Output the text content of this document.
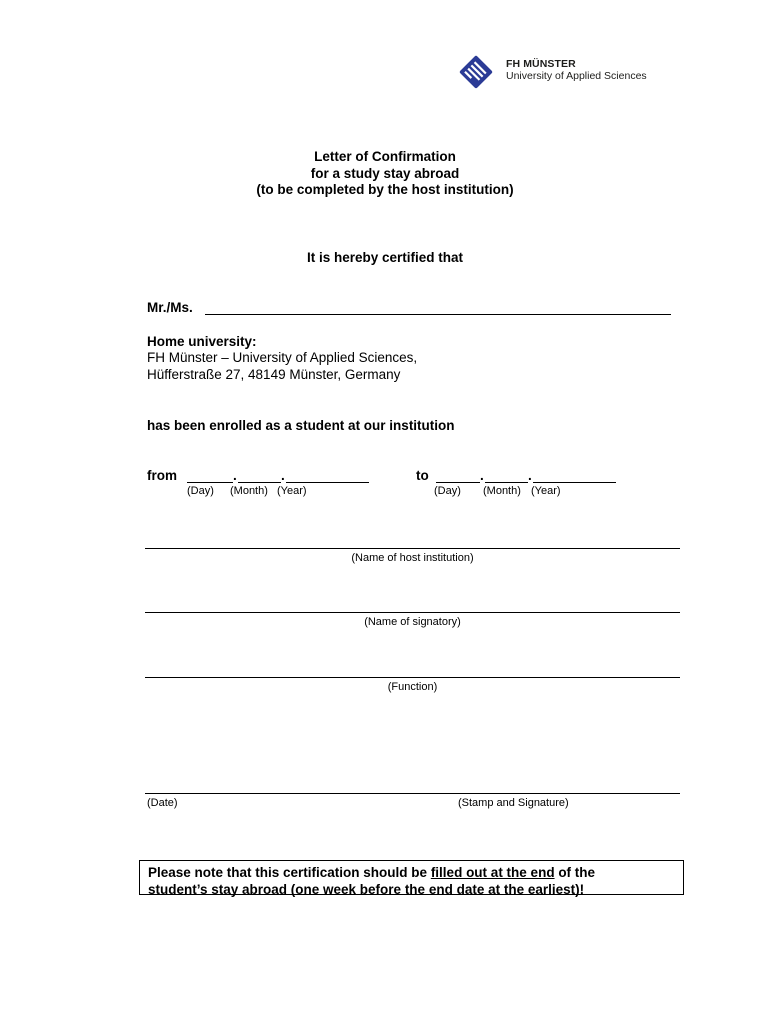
FH MÜNSTER
University of Applied Sciences
Letter of Confirmation
for a study stay abroad
(to be completed by the host institution)
It is hereby certified that
Mr./Ms.
Home university:
FH Münster – University of Applied Sciences,
Hüfferstraße 27, 48149 Münster, Germany
has been enrolled as a student at our institution
from	.	.
(Day) (Month) (Year)
to	.	.
(Day) (Month) (Year)
(Name of host institution)
(Name of signatory)
(Function)
(Date)	(Stamp and Signature)
Please note that this certification should be filled out at the end of the
student’s stay abroad (one week before the end date at the earliest)!
